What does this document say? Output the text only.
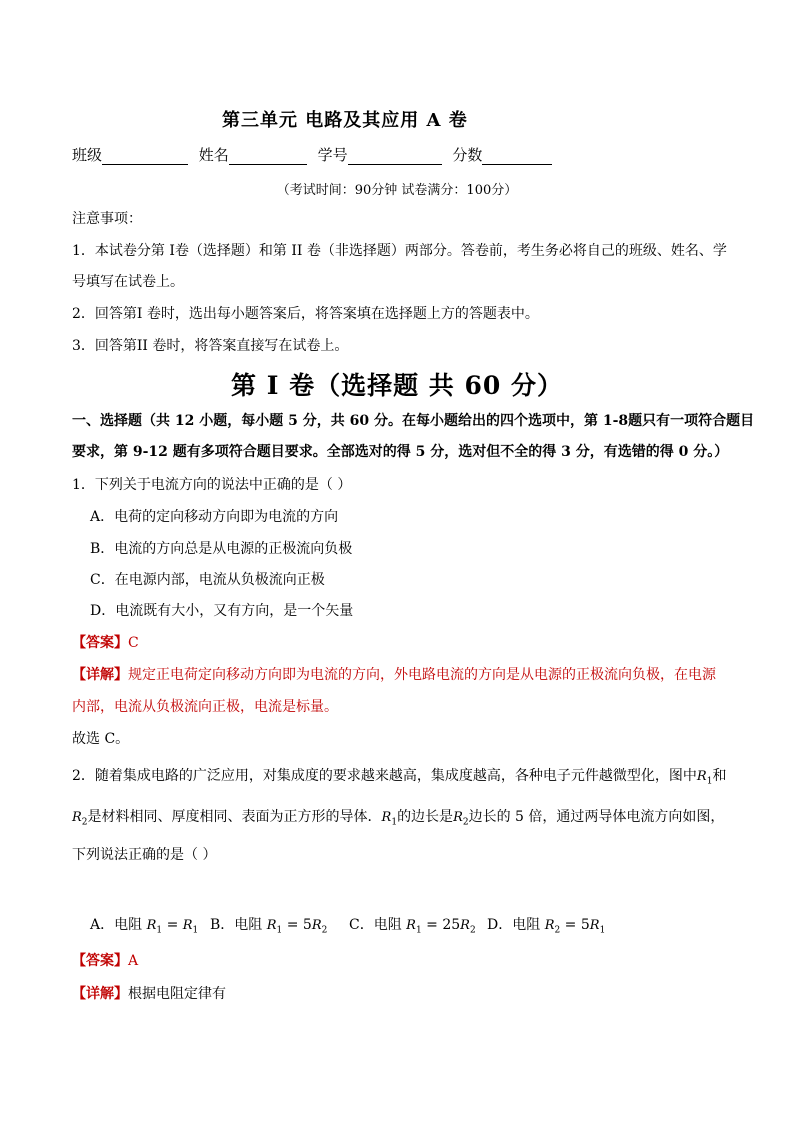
第三单元 电路及其应用 A 卷
班级	姓名	学号	分数
（考试时间：90分钟 试卷满分：100分）
注意事项：
1．本试卷分第 I卷（选择题）和第 II 卷（非选择题）两部分。答卷前，考生务必将自己的班级、姓名、学
号填写在试卷上。
2．回答第I 卷时，选出每小题答案后，将答案填在选择题上方的答题表中。
3．回答第II 卷时，将答案直接写在试卷上。
第 I 卷（选择题 共 60 分）
一、选择题（共 12 小题，每小题 5 分，共 60 分。在每小题给出的四个选项中，第 1-8题只有一项符合题目
要求，第 9-12 题有多项符合题目要求。全部选对的得 5 分，选对但不全的得 3 分，有选错的得 0 分。）
1．下列关于电流方向的说法中正确的是（ ）
A．电荷的定向移动方向即为电流的方向
B．电流的方向总是从电源的正极流向负极
C．在电源内部，电流从负极流向正极
D．电流既有大小，又有方向，是一个矢量
【答案】C
【详解】规定正电荷定向移动方向即为电流的方向，外电路电流的方向是从电源的正极流向负极，在电源
内部，电流从负极流向正极，电流是标量。
故选 C。
2．随着集成电路的广泛应用，对集成度的要求越来越高，集成度越高，各种电子元件越微型化，图中$R_1$和
$R_2$是材料相同、厚度相同、表面为正方形的导体．$R_1$的边长是$R_2$边长的 5 倍，通过两导体电流方向如图，
下列说法正确的是（ ）
A．电阻 $R_1 = R_1$ B．电阻 $R_1 = 5R_2$ C．电阻 $R_1 = 25R_2$ D．电阻 $R_2 = 5R_1$
【答案】A
【详解】根据电阻定律有
